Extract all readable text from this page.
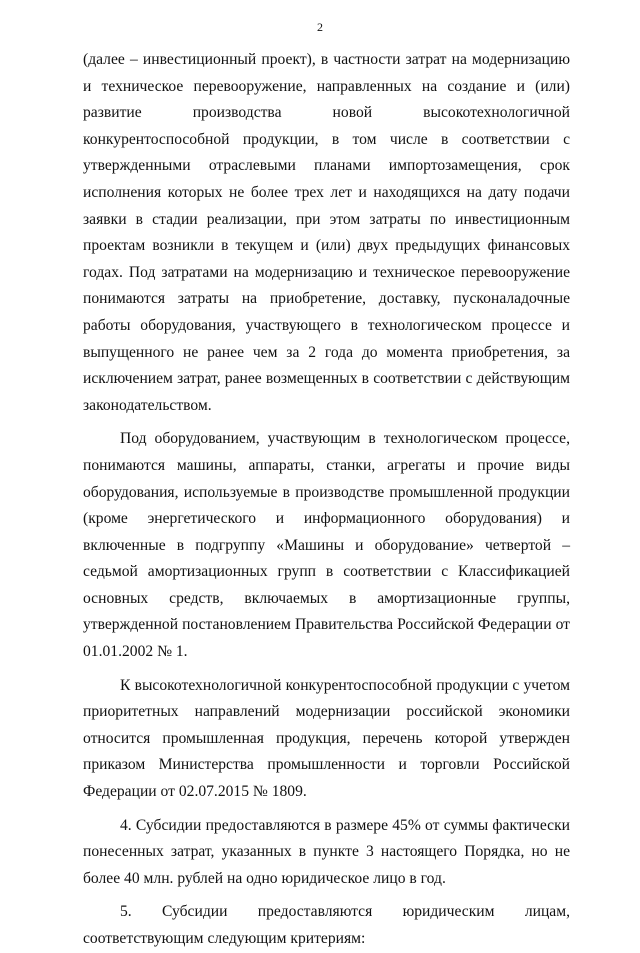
2

(далее – инвестиционный проект), в частности затрат на модернизацию и техническое перевооружение, направленных на создание и (или) развитие производства новой высокотехнологичной конкурентоспособной продукции, в том числе в соответствии с утвержденными отраслевыми планами импортозамещения, срок исполнения которых не более трех лет и находящихся на дату подачи заявки в стадии реализации, при этом затраты по инвестиционным проектам возникли в текущем и (или) двух предыдущих финансовых годах. Под затратами на модернизацию и техническое перевооружение понимаются затраты на приобретение, доставку, пусконаладочные работы оборудования, участвующего в технологическом процессе и выпущенного не ранее чем за 2 года до момента приобретения, за исключением затрат, ранее возмещенных в соответствии с действующим законодательством.

Под оборудованием, участвующим в технологическом процессе, понимаются машины, аппараты, станки, агрегаты и прочие виды оборудования, используемые в производстве промышленной продукции (кроме энергетического и информационного оборудования) и включенные в подгруппу «Машины и оборудование» четвертой – седьмой амортизационных групп в соответствии с Классификацией основных средств, включаемых в амортизационные группы, утвержденной постановлением Правительства Российской Федерации от 01.01.2002 № 1.

К высокотехнологичной конкурентоспособной продукции с учетом приоритетных направлений модернизации российской экономики относится промышленная продукция, перечень которой утвержден приказом Министерства промышленности и торговли Российской Федерации от 02.07.2015 № 1809.

4. Субсидии предоставляются в размере 45% от суммы фактически понесенных затрат, указанных в пункте 3 настоящего Порядка, но не более 40 млн. рублей на одно юридическое лицо в год.

5. Субсидии предоставляются юридическим лицам, соответствующим следующим критериям:
